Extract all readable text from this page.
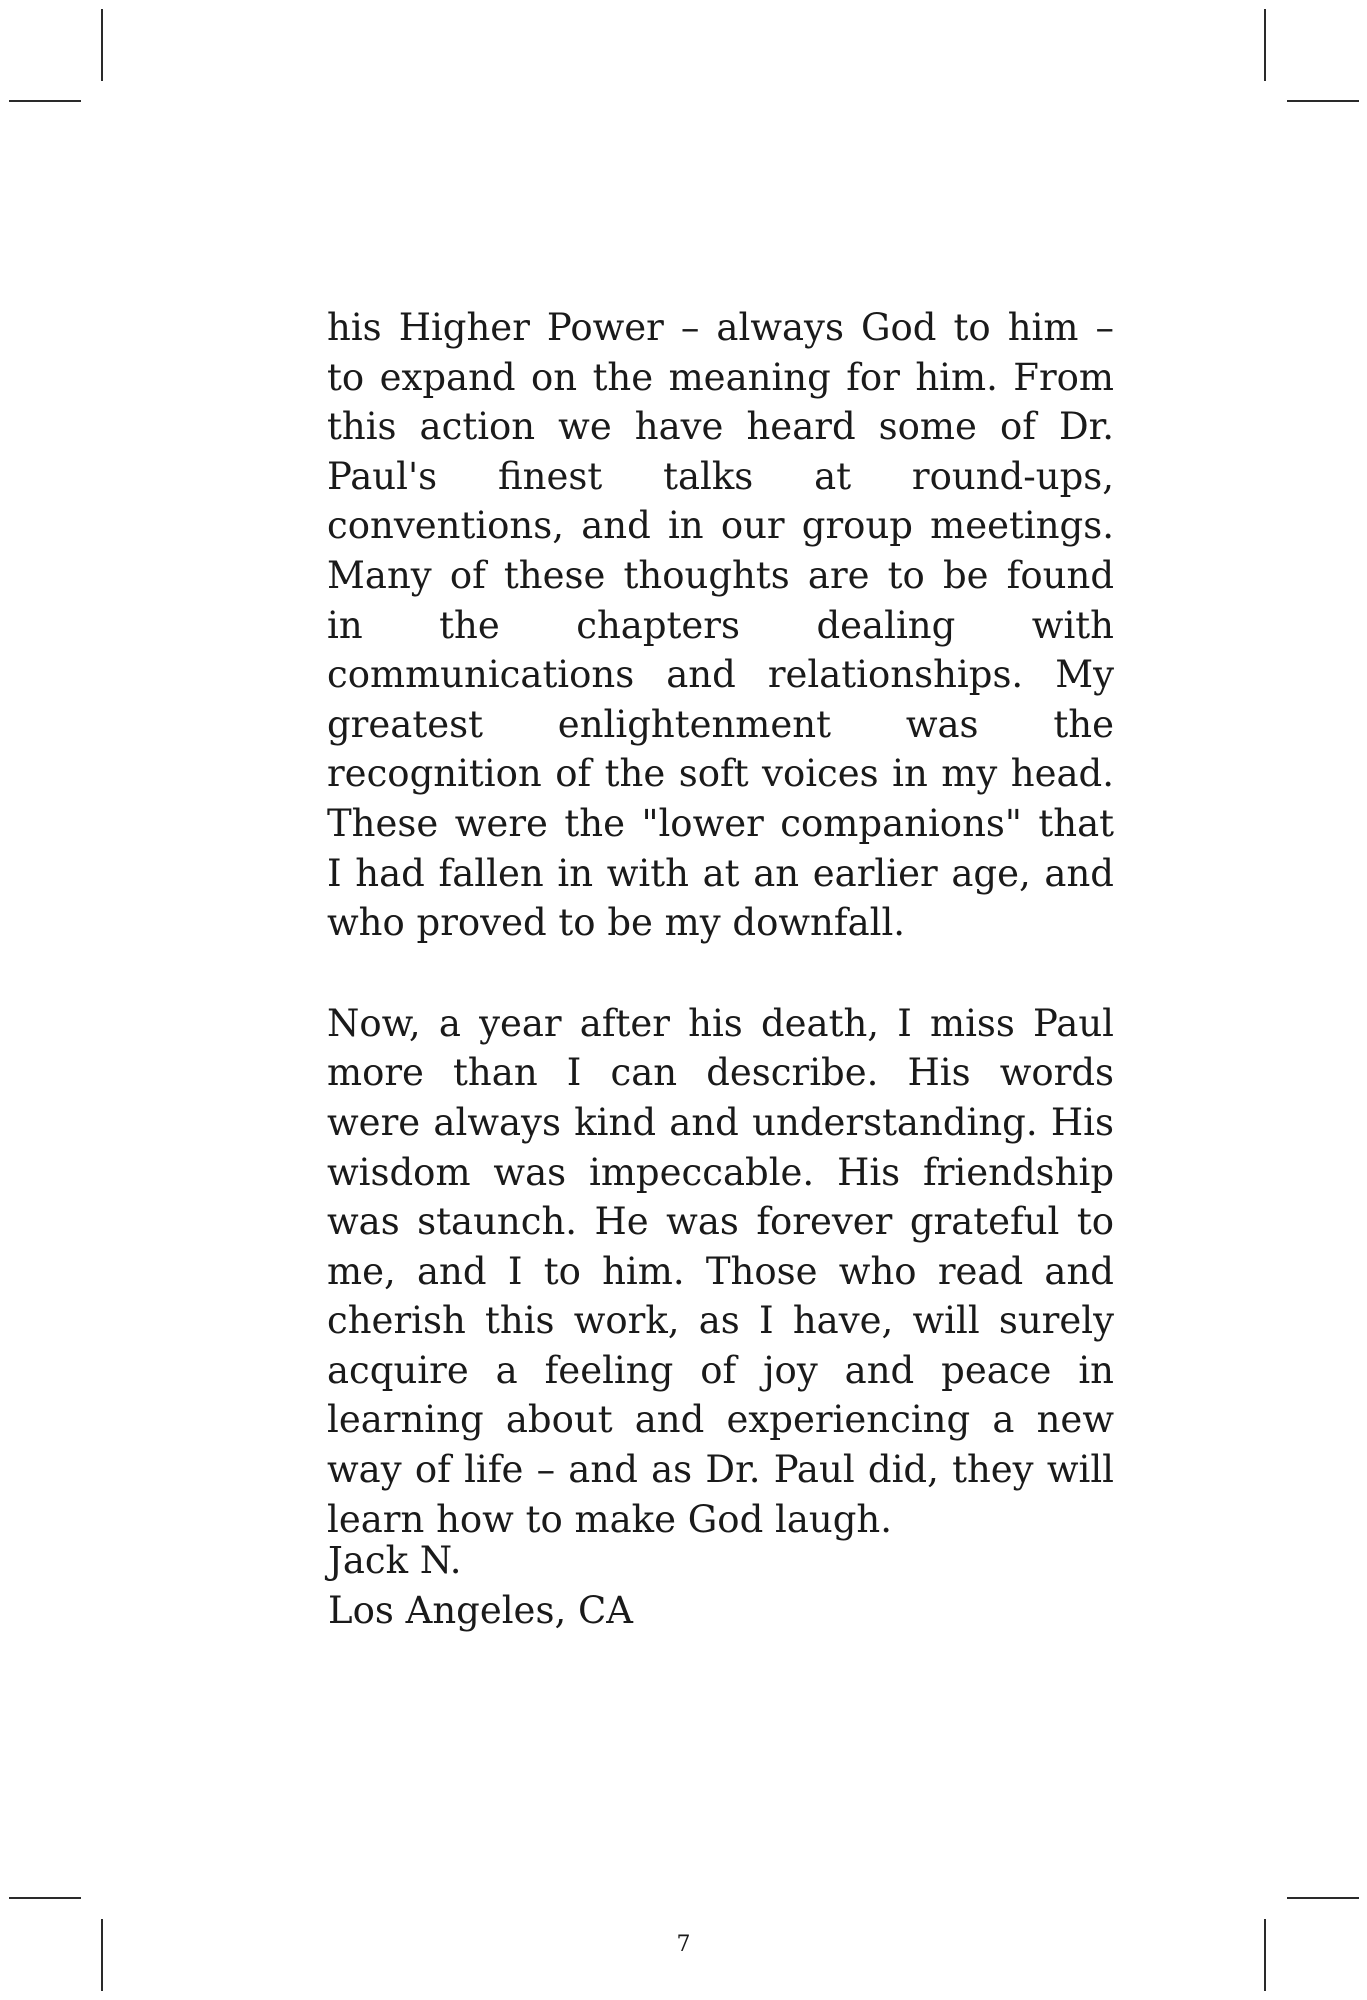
his Higher Power – always God to him – to expand on the meaning for him. From this action we have heard some of Dr. Paul's finest talks at round-ups, conventions, and in our group meetings. Many of these thoughts are to be found in the chapters dealing with communications and relationships. My greatest enlightenment was the recognition of the soft voices in my head. These were the "lower companions" that I had fallen in with at an earlier age, and who proved to be my downfall.

Now, a year after his death, I miss Paul more than I can describe. His words were always kind and understanding. His wisdom was impeccable. His friendship was staunch. He was forever grateful to me, and I to him. Those who read and cherish this work, as I have, will surely acquire a feeling of joy and peace in learning about and experiencing a new way of life – and as Dr. Paul did, they will learn how to make God laugh.

Jack N.
Los Angeles, CA
7
